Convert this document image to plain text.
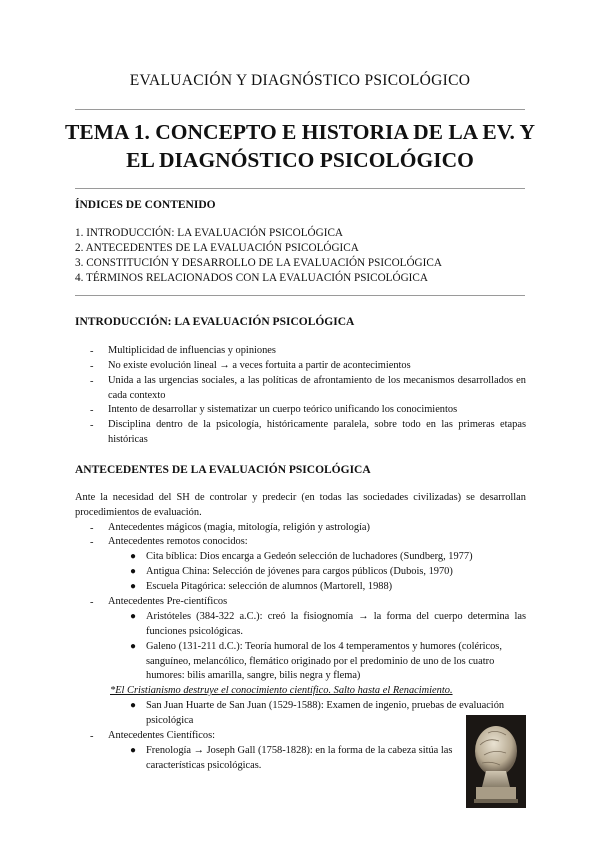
EVALUACIÓN Y DIAGNÓSTICO PSICOLÓGICO
TEMA 1. CONCEPTO E HISTORIA DE LA EV. Y
EL DIAGNÓSTICO PSICOLÓGICO
ÍNDICES DE CONTENIDO
1. INTRODUCCIÓN: LA EVALUACIÓN PSICOLÓGICA
2. ANTECEDENTES DE LA EVALUACIÓN PSICOLÓGICA
3. CONSTITUCIÓN Y DESARROLLO DE LA EVALUACIÓN PSICOLÓGICA
4. TÉRMINOS RELACIONADOS CON LA EVALUACIÓN PSICOLÓGICA
INTRODUCCIÓN: LA EVALUACIÓN PSICOLÓGICA
- Multiplicidad de influencias y opiniones
- No existe evolución lineal → a veces fortuita a partir de acontecimientos
- Unida a las urgencias sociales, a las políticas de afrontamiento de los mecanismos desarrollados en cada contexto
- Intento de desarrollar y sistematizar un cuerpo teórico unificando los conocimientos
- Disciplina dentro de la psicología, históricamente paralela, sobre todo en las primeras etapas históricas
ANTECEDENTES DE LA EVALUACIÓN PSICOLÓGICA
Ante la necesidad del SH de controlar y predecir (en todas las sociedades civilizadas) se desarrollan procedimientos de evaluación.
- Antecedentes mágicos (magia, mitología, religión y astrología)
- Antecedentes remotos conocidos:
● Cita bíblica: Dios encarga a Gedeón selección de luchadores (Sundberg, 1977)
● Antigua China: Selección de jóvenes para cargos públicos (Dubois, 1970)
● Escuela Pitagórica: selección de alumnos (Martorell, 1988)
- Antecedentes Pre-científicos
● Aristóteles (384-322 a.C.): creó la fisiognomía → la forma del cuerpo determina las funciones psicológicas.
● Galeno (131-211 d.C.): Teoría humoral de los 4 temperamentos y humores (coléricos, sanguíneo, melancólico, flemático originado por el predominio de uno de los cuatro humores: bilis amarilla, sangre, bilis negra y flema)
*El Cristianismo destruye el conocimiento científico. Salto hasta el Renacimiento.
● San Juan Huarte de San Juan (1529-1588): Examen de ingenio, pruebas de evaluación psicológica
- Antecedentes Científicos:
● Frenología → Joseph Gall (1758-1828): en la forma de la cabeza sitúa las características psicológicas.
